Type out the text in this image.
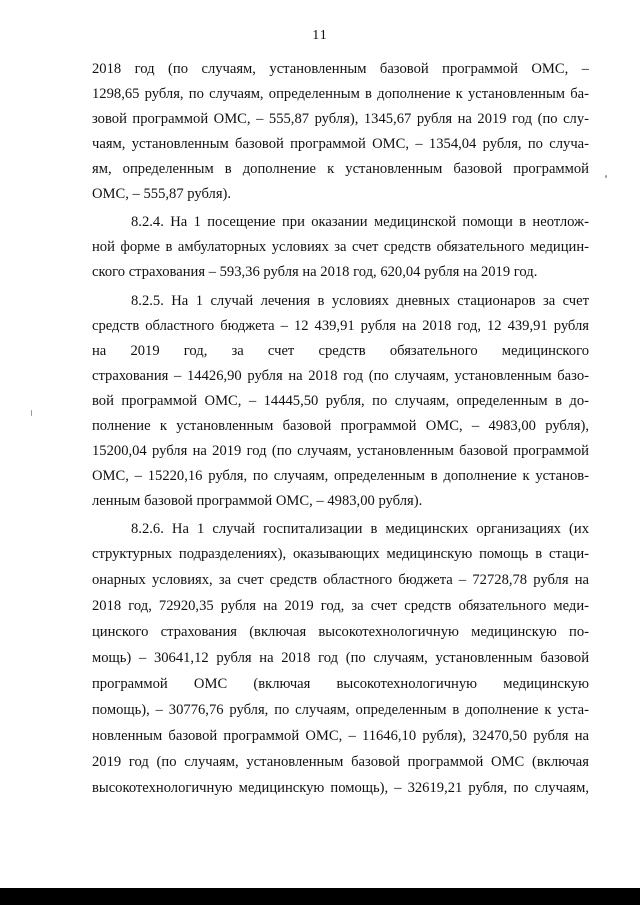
11
2018 год (по случаям, установленным базовой программой ОМС, –
1298,65 рубля, по случаям, определенным в дополнение к установленным ба-
зовой программой ОМС, – 555,87 рубля), 1345,67 рубля на 2019 год (по слу-
чаям, установленным базовой программой ОМС, – 1354,04 рубля, по случа-
ям, определенным в дополнение к установленным базовой программой
ОМС, – 555,87 рубля).
8.2.4. На 1 посещение при оказании медицинской помощи в неотлож-
ной форме в амбулаторных условиях за счет средств обязательного медицин-
ского страхования – 593,36 рубля на 2018 год, 620,04 рубля на 2019 год.
8.2.5. На 1 случай лечения в условиях дневных стационаров за счет
средств областного бюджета – 12 439,91 рубля на 2018 год, 12 439,91 рубля
на 2019 год, за счет средств обязательного медицинского
страхования – 14426,90 рубля на 2018 год (по случаям, установленным базо-
вой программой ОМС, – 14445,50 рубля, по случаям, определенным в до-
полнение к установленным базовой программой ОМС, – 4983,00 рубля),
15200,04 рубля на 2019 год (по случаям, установленным базовой программой
ОМС, – 15220,16 рубля, по случаям, определенным в дополнение к установ-
ленным базовой программой ОМС, – 4983,00 рубля).
8.2.6. На 1 случай госпитализации в медицинских организациях (их
структурных подразделениях), оказывающих медицинскую помощь в стаци-
онарных условиях, за счет средств областного бюджета – 72728,78 рубля на
2018 год, 72920,35 рубля на 2019 год, за счет средств обязательного меди-
цинского страхования (включая высокотехнологичную медицинскую по-
мощь) – 30641,12 рубля на 2018 год (по случаям, установленным базовой
программой ОМС (включая высокотехнологичную медицинскую
помощь), – 30776,76 рубля, по случаям, определенным в дополнение к уста-
новленным базовой программой ОМС, – 11646,10 рубля), 32470,50 рубля на
2019 год (по случаям, установленным базовой программой ОМС (включая
высокотехнологичную медицинскую помощь), – 32619,21 рубля, по случаям,
